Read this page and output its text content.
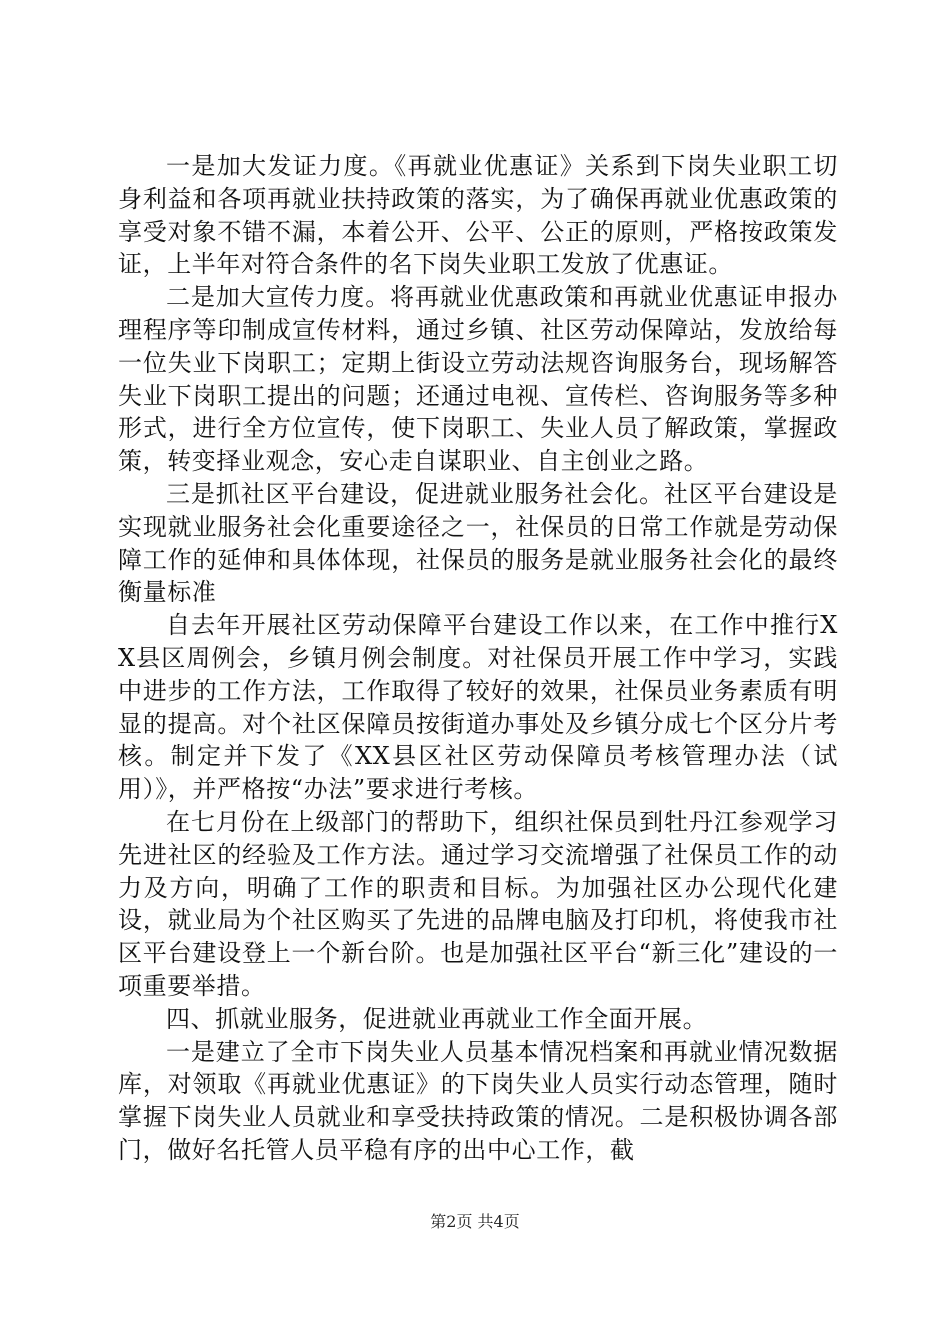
一是加大发证力度。《再就业优惠证》关系到下岗失业职工切身利益和各项再就业扶持政策的落实，为了确保再就业优惠政策的享受对象不错不漏，本着公开、公平、公正的原则，严格按政策发证，上半年对符合条件的名下岗失业职工发放了优惠证。

二是加大宣传力度。将再就业优惠政策和再就业优惠证申报办理程序等印制成宣传材料，通过乡镇、社区劳动保障站，发放给每一位失业下岗职工；定期上街设立劳动法规咨询服务台，现场解答失业下岗职工提出的问题；还通过电视、宣传栏、咨询服务等多种形式，进行全方位宣传，使下岗职工、失业人员了解政策，掌握政策，转变择业观念，安心走自谋职业、自主创业之路。

三是抓社区平台建设，促进就业服务社会化。社区平台建设是实现就业服务社会化重要途径之一，社保员的日常工作就是劳动保障工作的延伸和具体体现，社保员的服务是就业服务社会化的最终衡量标准

自去年开展社区劳动保障平台建设工作以来，在工作中推行XX县区周例会，乡镇月例会制度。对社保员开展工作中学习，实践中进步的工作方法，工作取得了较好的效果，社保员业务素质有明显的提高。对个社区保障员按街道办事处及乡镇分成七个区分片考核。制定并下发了《XX县区社区劳动保障员考核管理办法（试用）》，并严格按“办法”要求进行考核。

在七月份在上级部门的帮助下，组织社保员到牡丹江参观学习先进社区的经验及工作方法。通过学习交流增强了社保员工作的动力及方向，明确了工作的职责和目标。为加强社区办公现代化建设，就业局为个社区购买了先进的品牌电脑及打印机，将使我市社区平台建设登上一个新台阶。也是加强社区平台“新三化”建设的一项重要举措。

四、抓就业服务，促进就业再就业工作全面开展。

一是建立了全市下岗失业人员基本情况档案和再就业情况数据库，对领取《再就业优惠证》的下岗失业人员实行动态管理，随时掌握下岗失业人员就业和享受扶持政策的情况。二是积极协调各部门，做好名托管人员平稳有序的出中心工作，截

第2页 共4页
